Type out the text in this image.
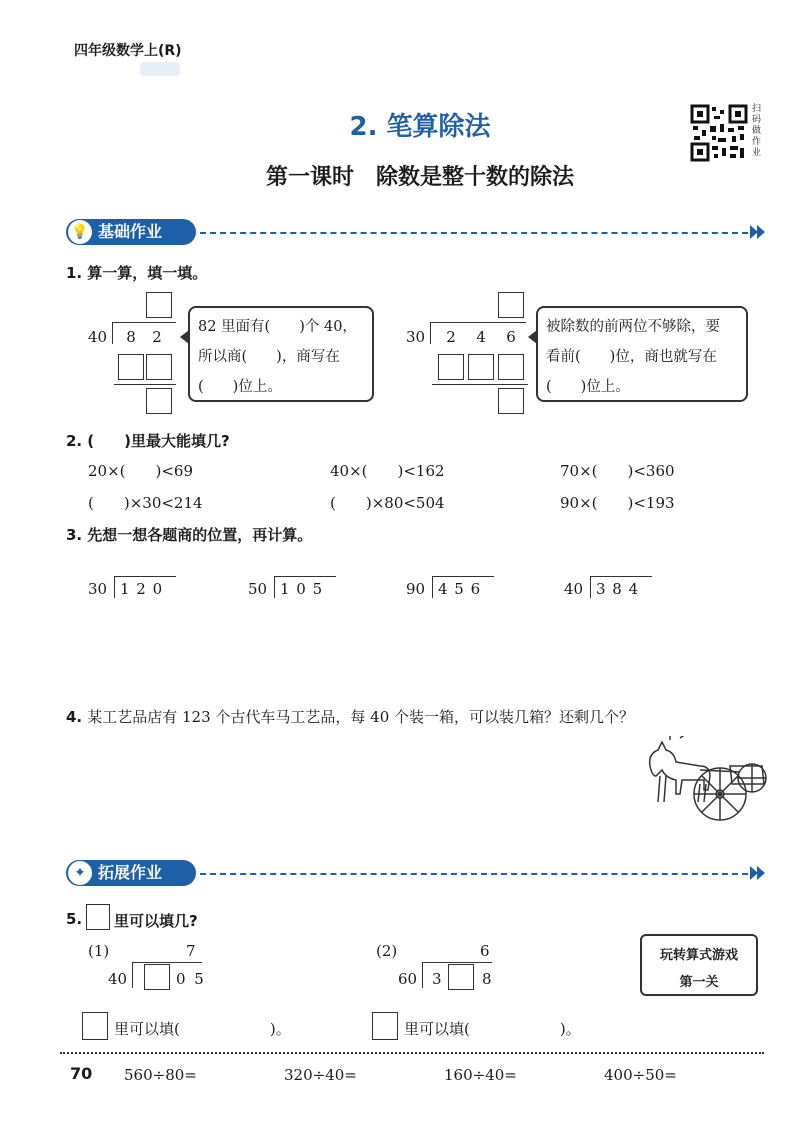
四年级数学上(R)
2. 笔算除法
第一课时　除数是整十数的除法
扫码做作业
💡 基础作业
1. 算一算，填一填。
40 8 2
82 里面有(　　)个 40，
所以商(　　)，商写在
(　　)位上。
30 2 4 6
被除数的前两位不够除，要
看前(　　)位，商也就写在
(　　)位上。
2. (　　)里最大能填几?
20×(　　)<69	40×(　　)<162	70×(　　)<360
(　　)×30<214	(　　)×80<504	90×(　　)<193
3. 先想一想各题商的位置，再计算。
30 1 2 0	50 1 0 5	90 4 5 6	40 3 8 4
4. 某工艺品店有 123 个古代车马工艺品，每 40 个装一箱，可以装几箱？还剩几个？
✦ 拓展作业
5. 里可以填几?
(1)	7
40	0 5
里可以填(　　　　　　)。
(2)	6
60 3	8
里可以填(　　　　　　)。
玩转算式游戏
第一关
70 560÷80=	320÷40=	160÷40=	400÷50=
